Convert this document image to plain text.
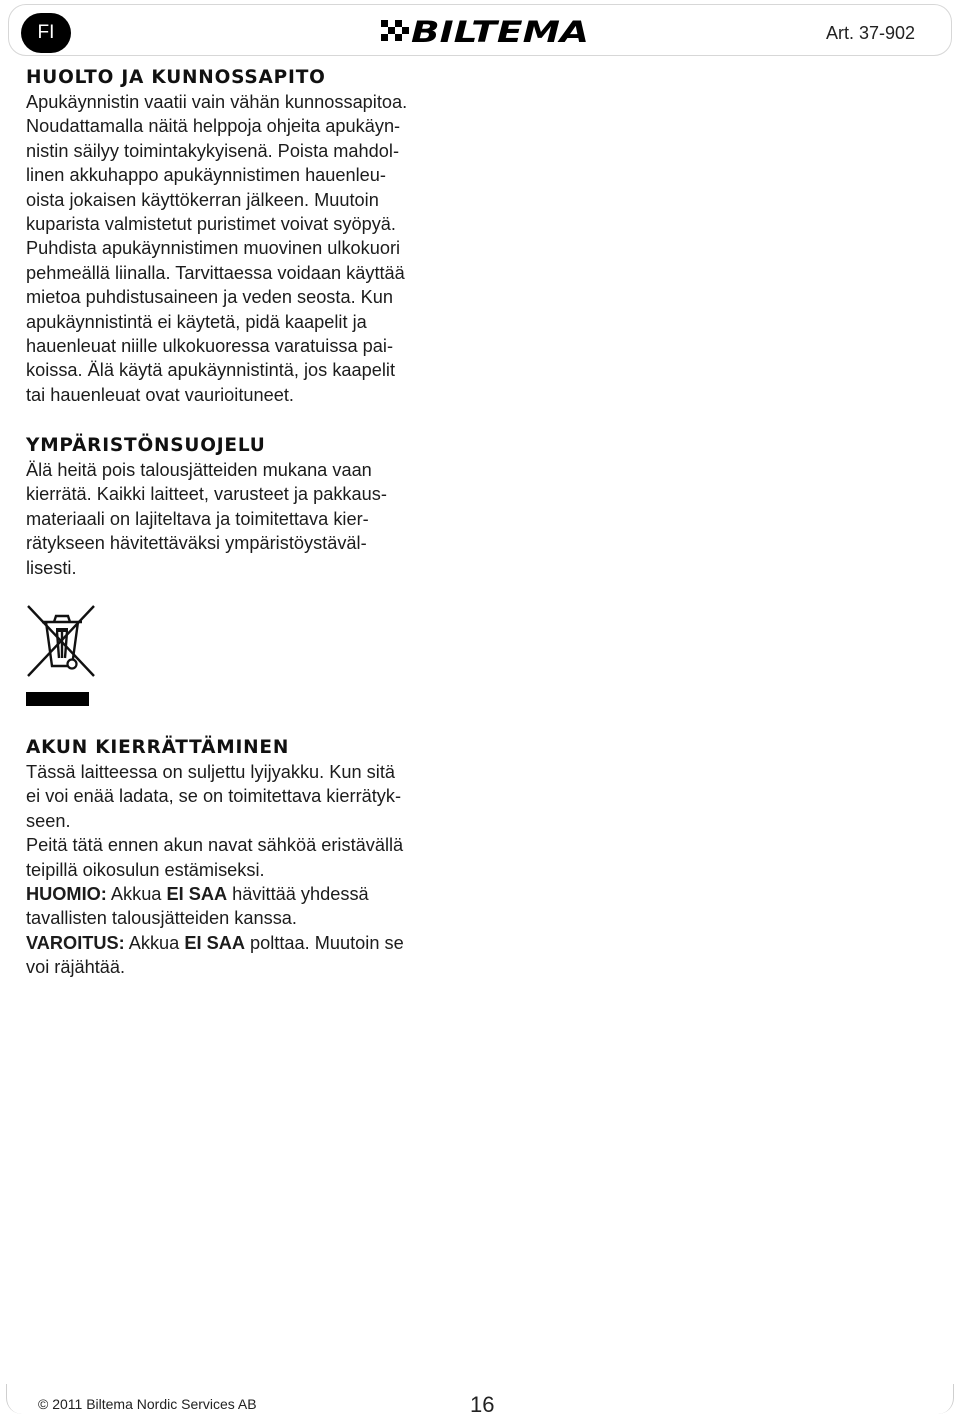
FI	BILTEMA	Art. 37-902
HUOLTO JA KUNNOSSAPITO
Apukäynnistin vaatii vain vähän kunnossapitoa.
Noudattamalla näitä helppoja ohjeita apukäyn-
nistin säilyy toimintakykyisenä. Poista mahdol-
linen akkuhappo apukäynnistimen hauenleu-
oista jokaisen käyttökerran jälkeen. Muutoin
kuparista valmistetut puristimet voivat syöpyä.
Puhdista apukäynnistimen muovinen ulkokuori
pehmeällä liinalla. Tarvittaessa voidaan käyttää
mietoa puhdistusaineen ja veden seosta. Kun
apukäynnistintä ei käytetä, pidä kaapelit ja
hauenleuat niille ulkokuoressa varatuissa pai-
koissa. Älä käytä apukäynnistintä, jos kaapelit
tai hauenleuat ovat vaurioituneet.
YMPÄRISTÖNSUOJELU
Älä heitä pois talousjätteiden mukana vaan
kierrätä. Kaikki laitteet, varusteet ja pakkaus-
materiaali on lajiteltava ja toimitettava kier-
rätykseen hävitettäväksi ympäristöystäväl-
lisesti.
AKUN KIERRÄTTÄMINEN
Tässä laitteessa on suljettu lyijyakku. Kun sitä
ei voi enää ladata, se on toimitettava kierrätyk-
seen.
Peitä tätä ennen akun navat sähköä eristävällä
teipillä oikosulun estämiseksi.
HUOMIO: Akkua EI SAA hävittää yhdessä
tavallisten talousjätteiden kanssa.
VAROITUS: Akkua EI SAA polttaa. Muutoin se
voi räjähtää.
© 2011 Biltema Nordic Services AB	16
